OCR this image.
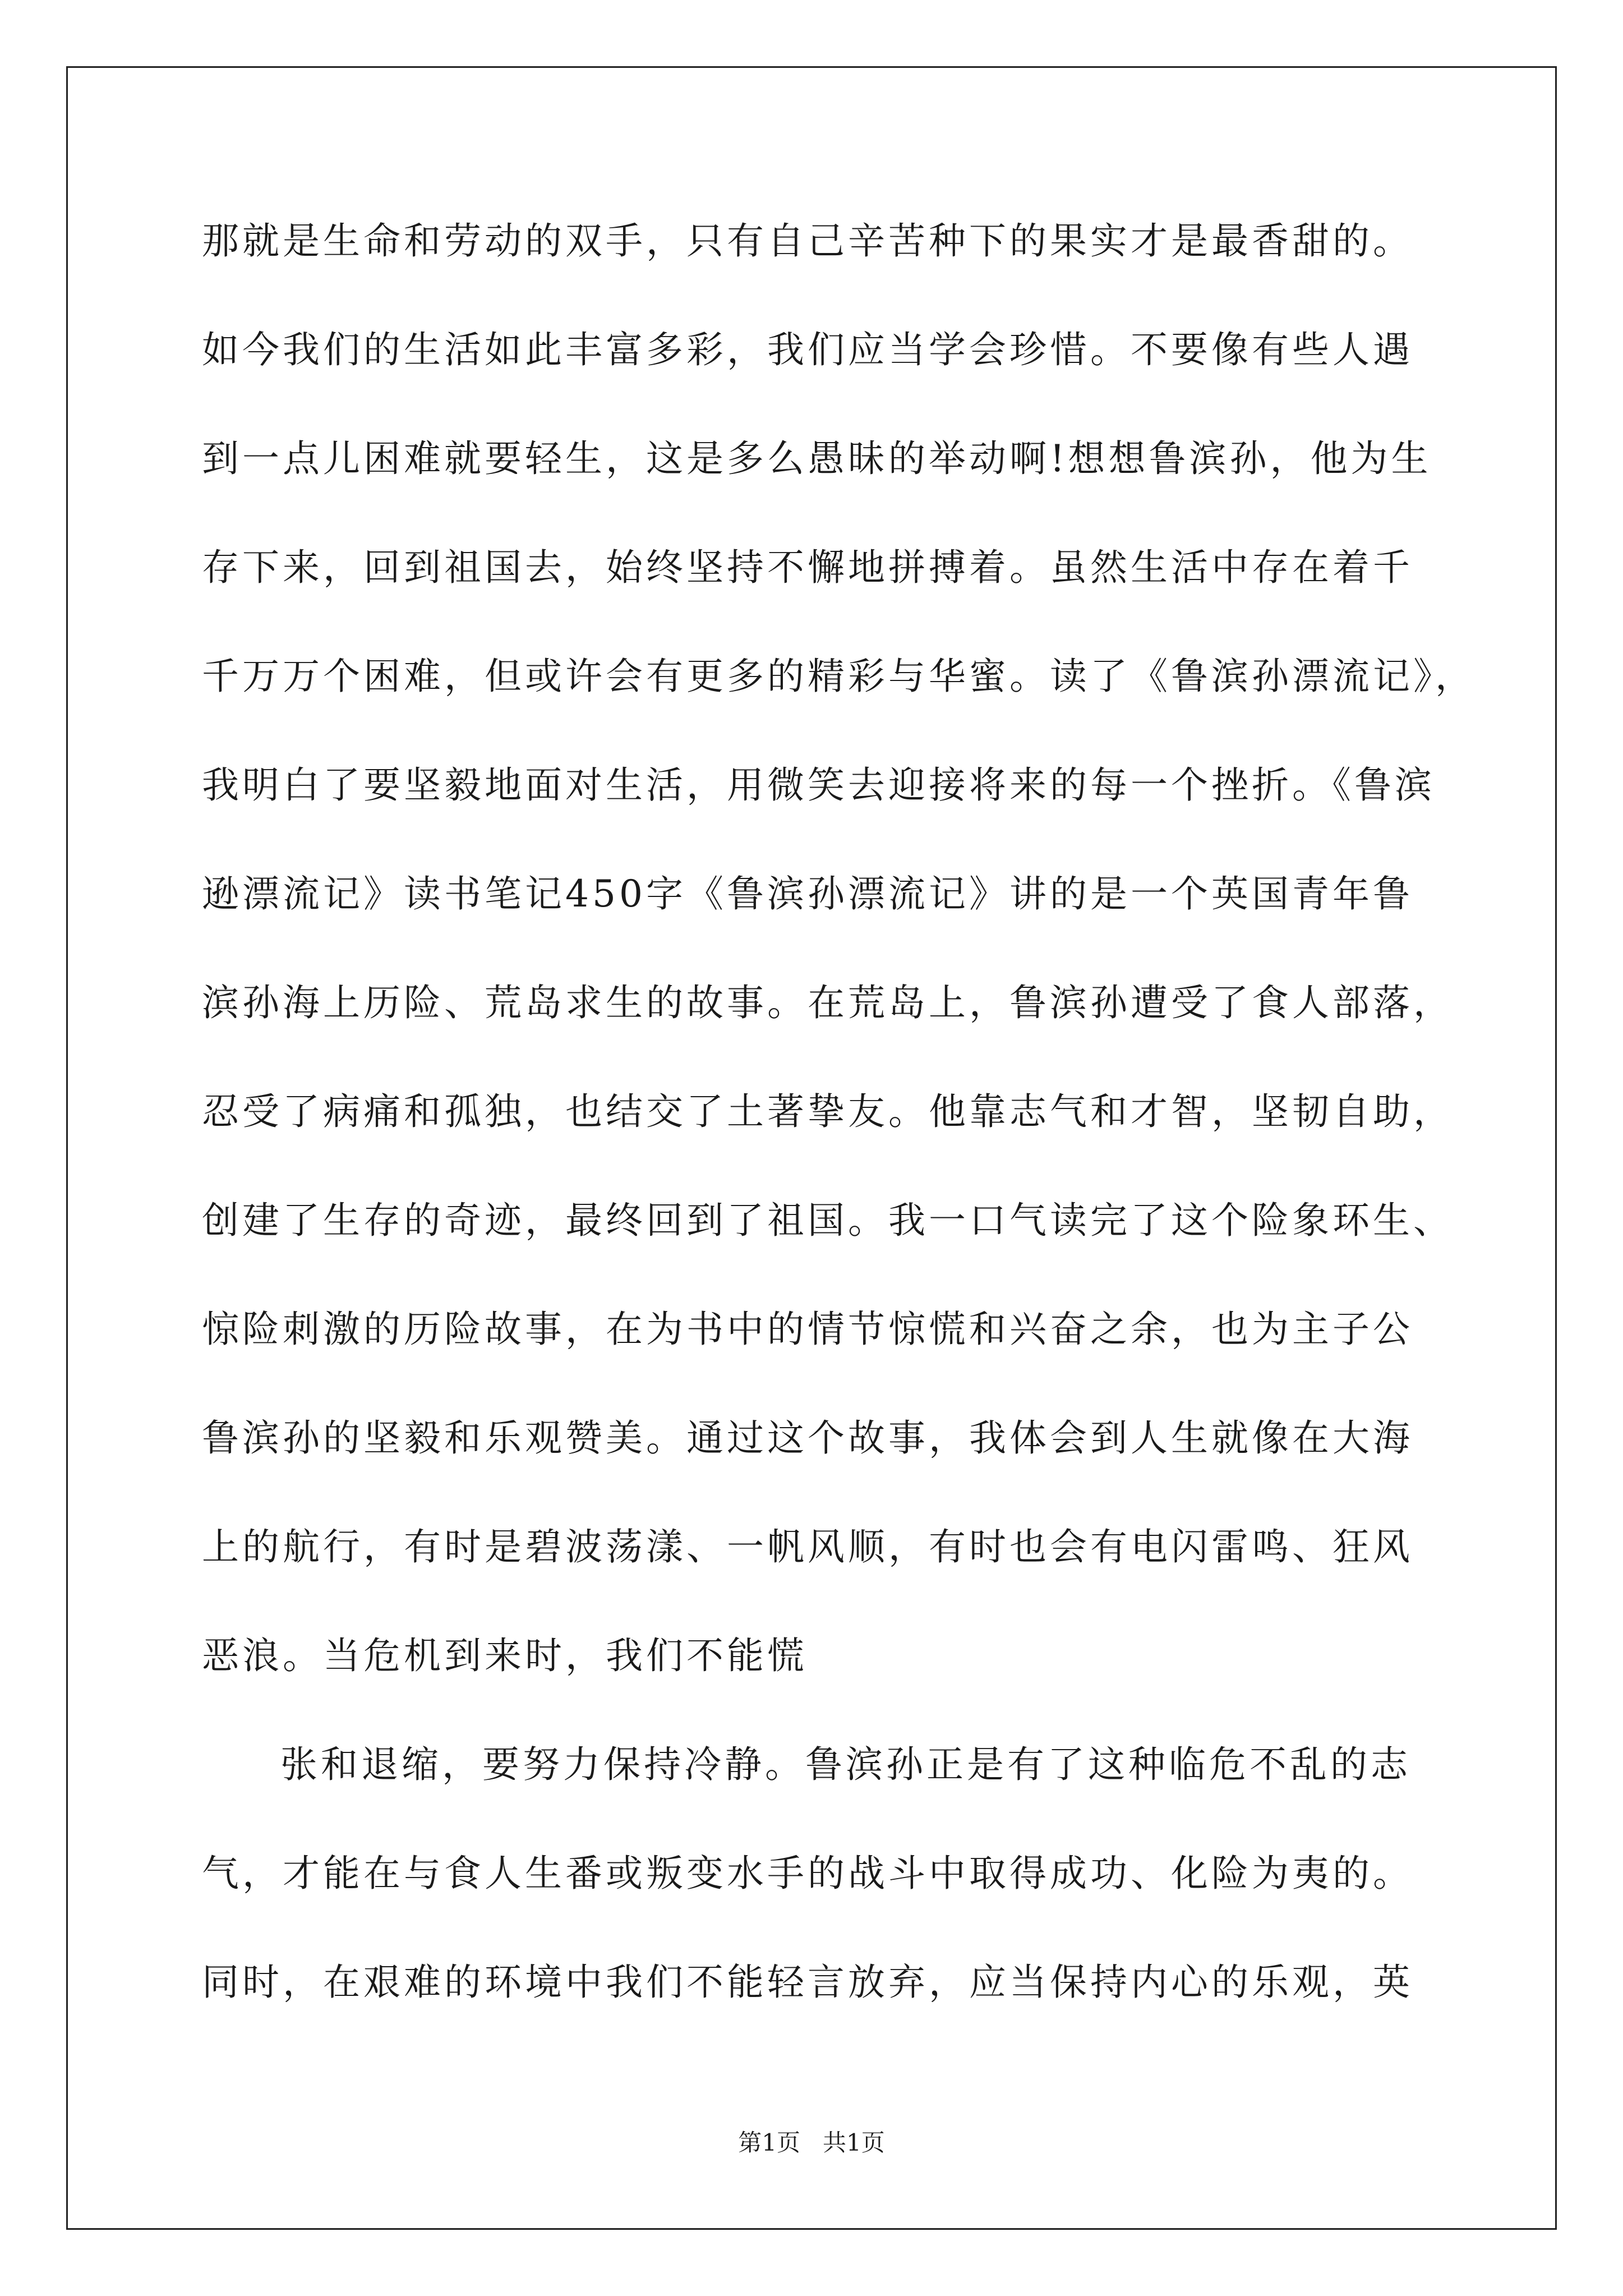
那就是生命和劳动的双手，只有自己辛苦种下的果实才是最香甜的。
如今我们的生活如此丰富多彩，我们应当学会珍惜。不要像有些人遇
到一点儿困难就要轻生，这是多么愚昧的举动啊!想想鲁滨孙，他为生
存下来，回到祖国去，始终坚持不懈地拼搏着。虽然生活中存在着千
千万万个困难，但或许会有更多的精彩与华蜜。读了《鲁滨孙漂流记》，
我明白了要坚毅地面对生活，用微笑去迎接将来的每一个挫折。《鲁滨
逊漂流记》读书笔记450字《鲁滨孙漂流记》讲的是一个英国青年鲁
滨孙海上历险、荒岛求生的故事。在荒岛上，鲁滨孙遭受了食人部落，
忍受了病痛和孤独，也结交了土著挚友。他靠志气和才智，坚韧自助，
创建了生存的奇迹，最终回到了祖国。我一口气读完了这个险象环生、
惊险刺激的历险故事，在为书中的情节惊慌和兴奋之余，也为主子公
鲁滨孙的坚毅和乐观赞美。通过这个故事，我体会到人生就像在大海
上的航行，有时是碧波荡漾、一帆风顺，有时也会有电闪雷鸣、狂风
恶浪。当危机到来时，我们不能慌
张和退缩，要努力保持冷静。鲁滨孙正是有了这种临危不乱的志
气，才能在与食人生番或叛变水手的战斗中取得成功、化险为夷的。
同时，在艰难的环境中我们不能轻言放弃，应当保持内心的乐观，英
第1页   共1页
